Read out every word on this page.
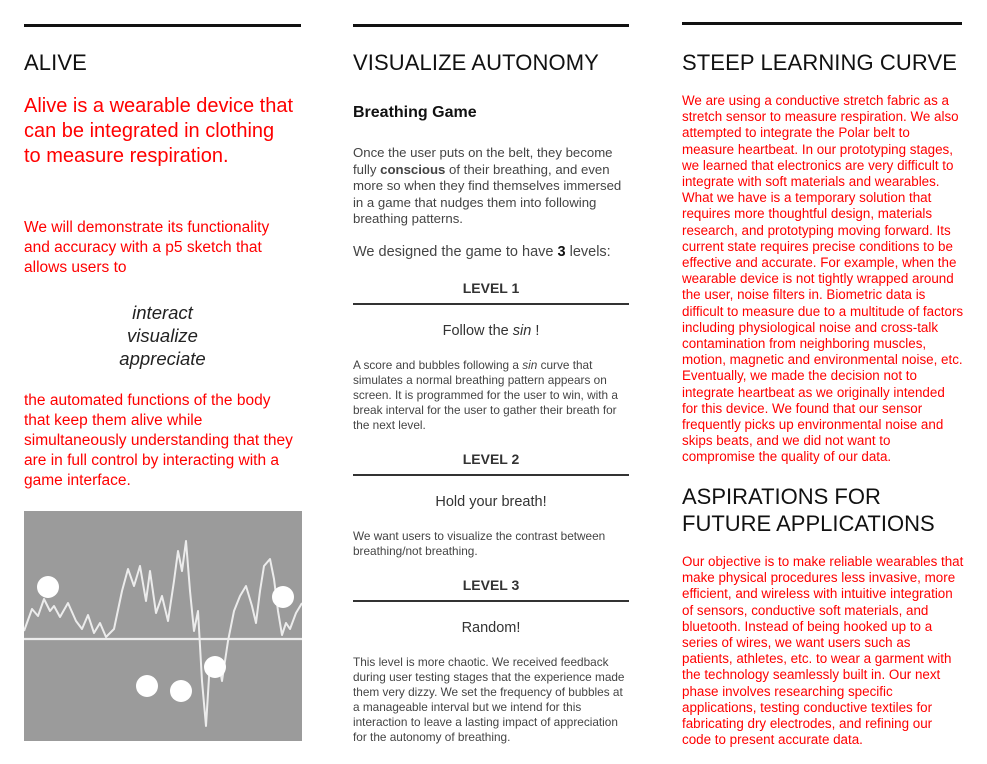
ALIVE
Alive is a wearable device that can be integrated in clothing to measure respiration.
We will demonstrate its functionality and accuracy with a p5 sketch that allows users to
interact
visualize
appreciate
the automated functions of the body that keep them alive while simultaneously understanding that they are in full control by interacting with a game interface.
VISUALIZE AUTONOMY
Breathing Game
Once the user puts on the belt, they become fully conscious of their breathing, and even more so when they find themselves immersed in a game that nudges them into following breathing patterns.
We designed the game to have 3 levels:
LEVEL 1
Follow the sin !
A score and bubbles following a sin curve that simulates a normal breathing pattern appears on screen. It is programmed for the user to win, with a break interval for the user to gather their breath for the next level.
LEVEL 2
Hold your breath!
We want users to visualize the contrast between breathing/not breathing.
LEVEL 3
Random!
This level is more chaotic. We received feedback during user testing stages that the experience made them very dizzy. We set the frequency of bubbles at a manageable interval but we intend for this interaction to leave a lasting impact of appreciation for the autonomy of breathing.
STEEP LEARNING CURVE
We are using a conductive stretch fabric as a stretch sensor to measure respiration. We also attempted to integrate the Polar belt to measure heartbeat. In our prototyping stages, we learned that electronics are very difficult to integrate with soft materials and wearables. What we have is a temporary solution that requires more thoughtful design, materials research, and prototyping moving forward. Its current state requires precise conditions to be effective and accurate. For example, when the wearable device is not tightly wrapped around the user, noise filters in. Biometric data is difficult to measure due to a multitude of factors including physiological noise and cross-talk contamination from neighboring muscles, motion, magnetic and environmental noise, etc. Eventually, we made the decision not to integrate heartbeat as we originally intended for this device. We found that our sensor frequently picks up environmental noise and skips beats, and we did not want to compromise the quality of our data.
ASPIRATIONS FOR
FUTURE APPLICATIONS
Our objective is to make reliable wearables that make physical procedures less invasive, more efficient, and wireless with intuitive integration of sensors, conductive soft materials, and bluetooth. Instead of being hooked up to a series of wires, we want users such as patients, athletes, etc. to wear a garment with the technology seamlessly built in. Our next phase involves researching specific applications, testing conductive textiles for fabricating dry electrodes, and refining our code to present accurate data.
